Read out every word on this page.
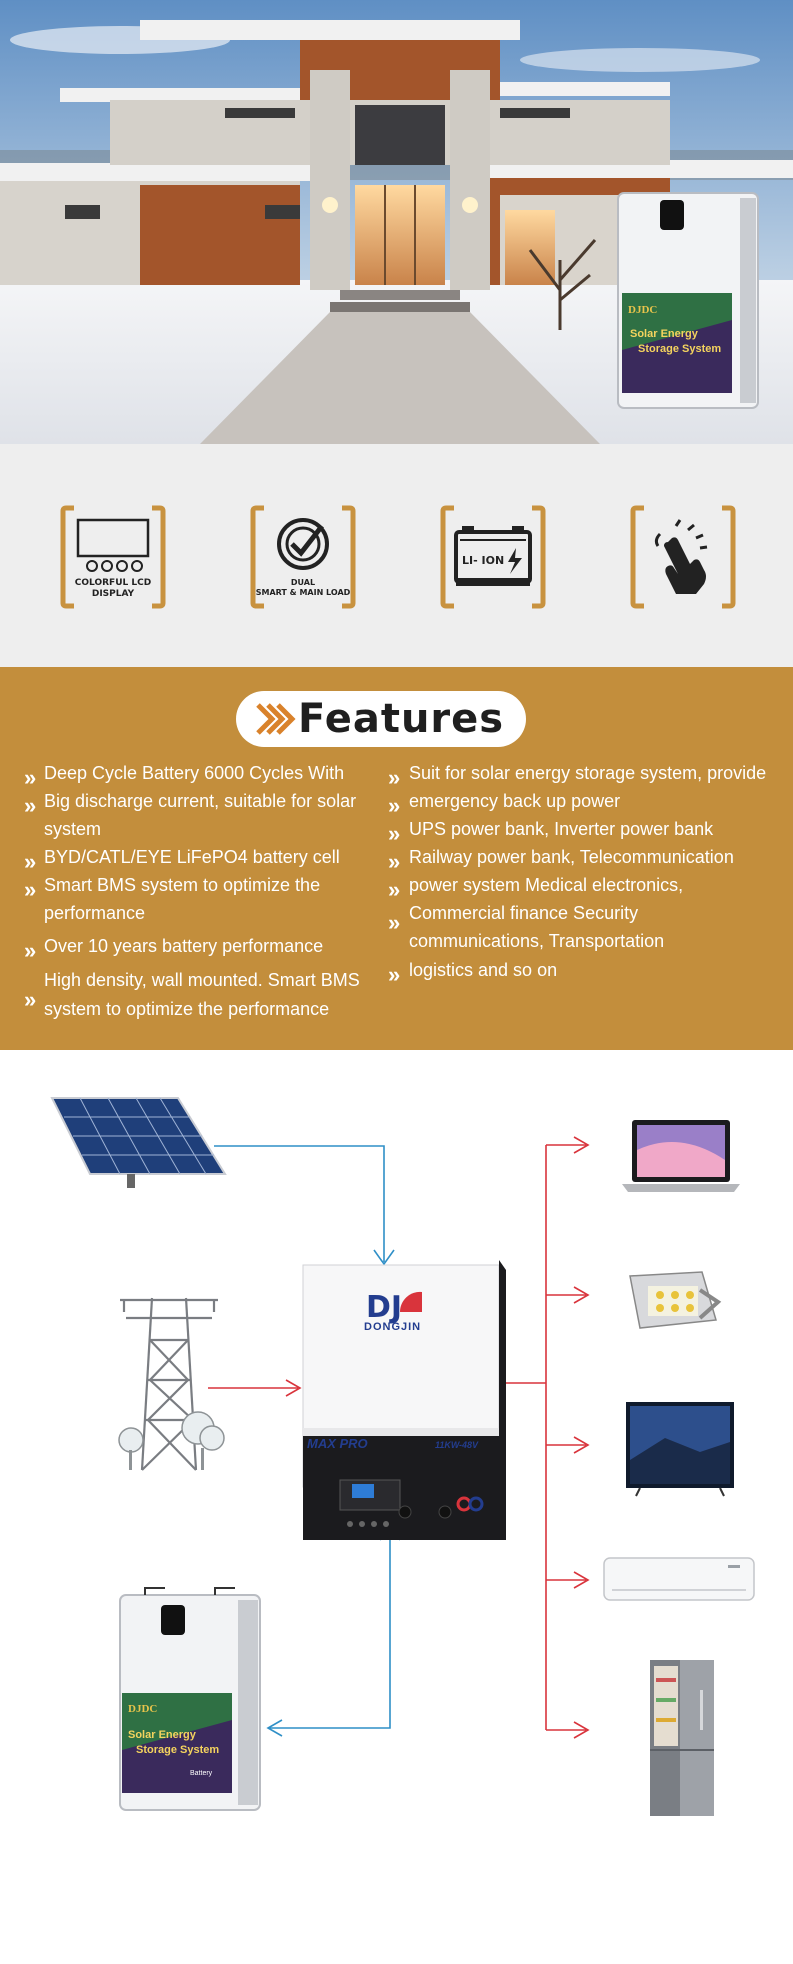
DJDC
Solar Energy
Storage System
COLORFUL LCD
DISPLAY
DUAL
SMART & MAIN LOAD
LI- ION
Features
» Deep Cycle Battery 6000 Cycles With
» Big discharge current, suitable for solar
system
» BYD/CATL/EYE LiFePO4 battery cell
» Smart BMS system to optimize the
performance
» Over 10 years battery performance
»
High density, wall mounted. Smart BMS
system to optimize the performance
» Suit for solar energy storage system, provide
» emergency back up power
» UPS power bank, Inverter power bank
» Railway power bank, Telecommunication
» power system Medical electronics,
» Commercial finance Security
communications, Transportation
» logistics and so on
DJ
DONGJIN
MAX PRO	11KW-48V
DJDC
Solar Energy
Storage System
Battery
